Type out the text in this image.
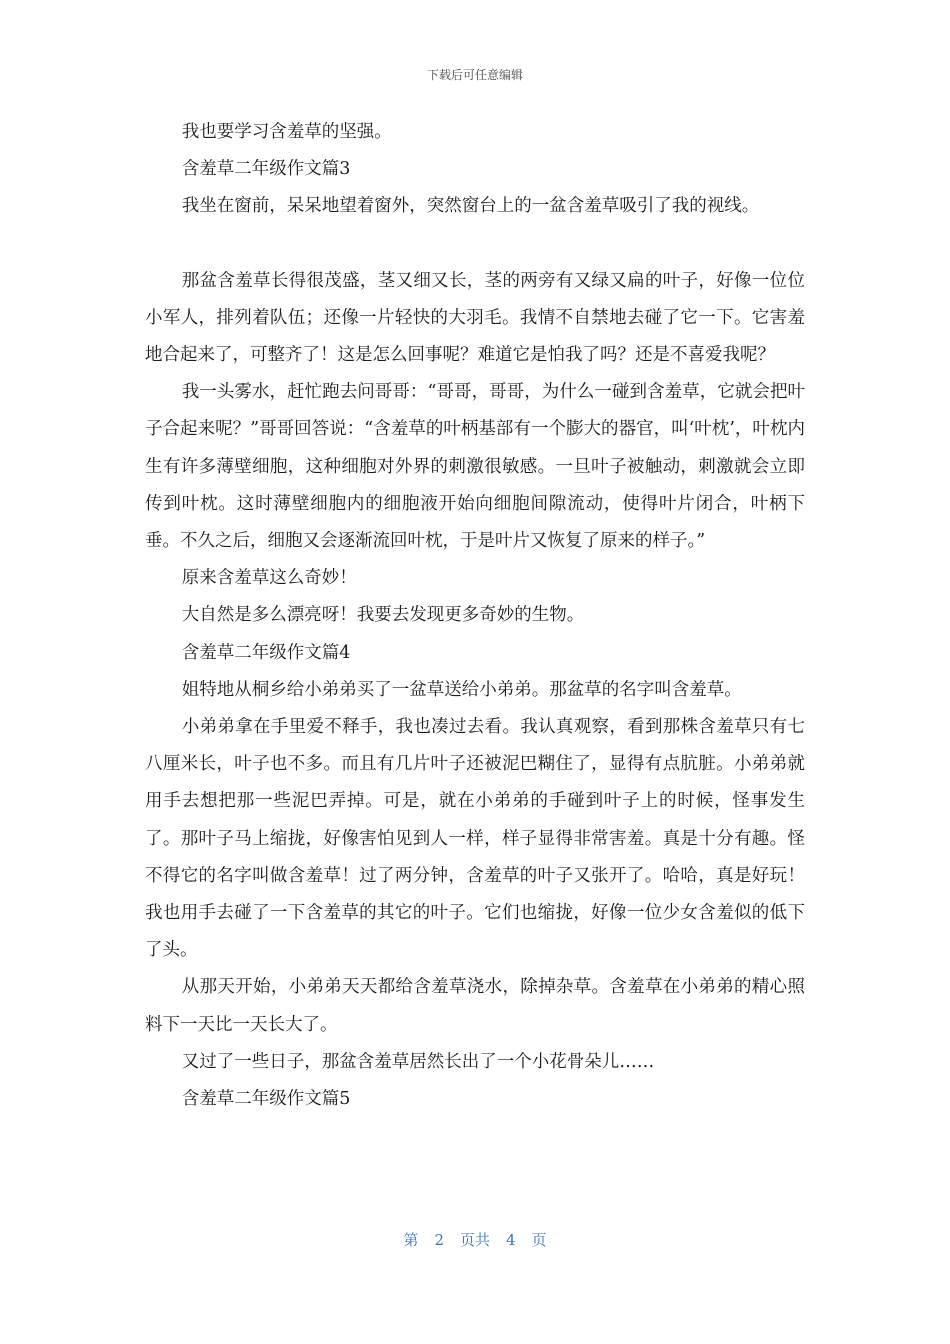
下载后可任意编辑

我也要学习含羞草的坚强。

含羞草二年级作文篇3

我坐在窗前，呆呆地望着窗外，突然窗台上的一盆含羞草吸引了我的视线。

那盆含羞草长得很茂盛，茎又细又长，茎的两旁有又绿又扁的叶子，好像一位位小军人，排列着队伍；还像一片轻快的大羽毛。我情不自禁地去碰了它一下。它害羞地合起来了，可整齐了！这是怎么回事呢？难道它是怕我了吗？还是不喜爱我呢？

我一头雾水，赶忙跑去问哥哥：“哥哥，哥哥，为什么一碰到含羞草，它就会把叶子合起来呢？”哥哥回答说：“含羞草的叶柄基部有一个膨大的器官，叫‘叶枕’，叶枕内生有许多薄壁细胞，这种细胞对外界的刺激很敏感。一旦叶子被触动，刺激就会立即传到叶枕。这时薄壁细胞内的细胞液开始向细胞间隙流动，使得叶片闭合，叶柄下垂。不久之后，细胞又会逐渐流回叶枕，于是叶片又恢复了原来的样子。”

原来含羞草这么奇妙！

大自然是多么漂亮呀！我要去发现更多奇妙的生物。

含羞草二年级作文篇4

姐特地从桐乡给小弟弟买了一盆草送给小弟弟。那盆草的名字叫含羞草。

小弟弟拿在手里爱不释手，我也凑过去看。我认真观察，看到那株含羞草只有七八厘米长，叶子也不多。而且有几片叶子还被泥巴糊住了，显得有点肮脏。小弟弟就用手去想把那一些泥巴弄掉。可是，就在小弟弟的手碰到叶子上的时候，怪事发生了。那叶子马上缩拢，好像害怕见到人一样，样子显得非常害羞。真是十分有趣。怪不得它的名字叫做含羞草！过了两分钟，含羞草的叶子又张开了。哈哈，真是好玩！我也用手去碰了一下含羞草的其它的叶子。它们也缩拢，好像一位少女含羞似的低下了头。

从那天开始，小弟弟天天都给含羞草浇水，除掉杂草。含羞草在小弟弟的精心照料下一天比一天长大了。

又过了一些日子，那盆含羞草居然长出了一个小花骨朵儿……

含羞草二年级作文篇5

第 2 页共 4 页
